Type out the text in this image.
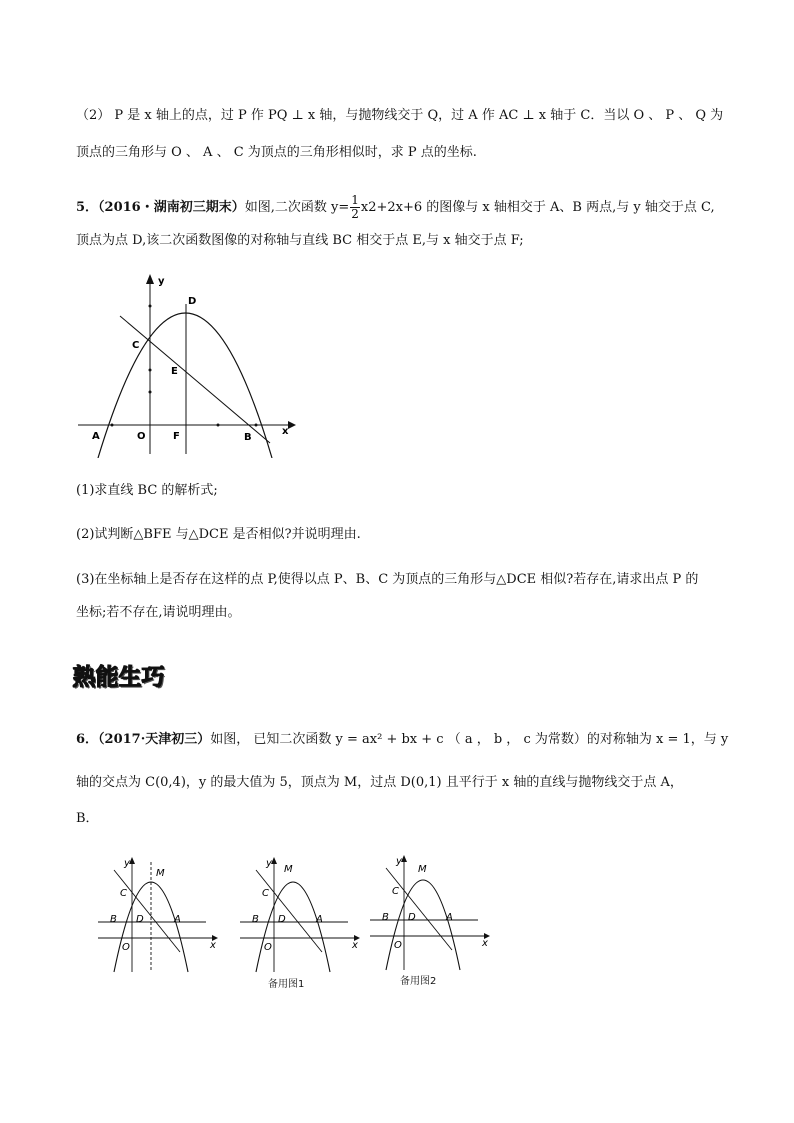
（2） P 是 x 轴上的点，过 P 作 PQ ⊥ x 轴，与抛物线交于 Q，过 A 作 AC ⊥ x 轴于 C．当以 O 、 P 、 Q 为
顶点的三角形与 O 、 A 、 C 为顶点的三角形相似时，求 P 点的坐标.
5．（2016・湖南初三期末）如图,二次函数 $y= \frac{1}{2} x2+2x+6$ 的图像与 x 轴相交于 A、B 两点,与 y 轴交于点 C,
顶点为点 D,该二次函数图像的对称轴与直线 BC 相交于点 E,与 x 轴交于点 F;
y
x
D
C
E
A	O	F	B
(1)求直线 BC 的解析式;
(2)试判断△BFE 与△DCE 是否相似?并说明理由.
(3)在坐标轴上是否存在这样的点 P,使得以点 P、B、C 为顶点的三角形与△DCE 相似?若存在,请求出点 P 的
坐标;若不存在,请说明理由。
熟能生巧
6．（2017·天津初三）如图， 已知二次函数 y = ax² + bx + c （ a ， b ， c 为常数）的对称轴为 x = 1，与 y
轴的交点为 C(0,4)，y 的最大值为 5，顶点为 M，过点 D(0,1) 且平行于 x 轴的直线与抛物线交于点 A，
B．
y
M
C
B D	A
O	x
y
M
C
B D	A
O	x
y
M
C
B D	A
O	x
备用图1	备用图2
